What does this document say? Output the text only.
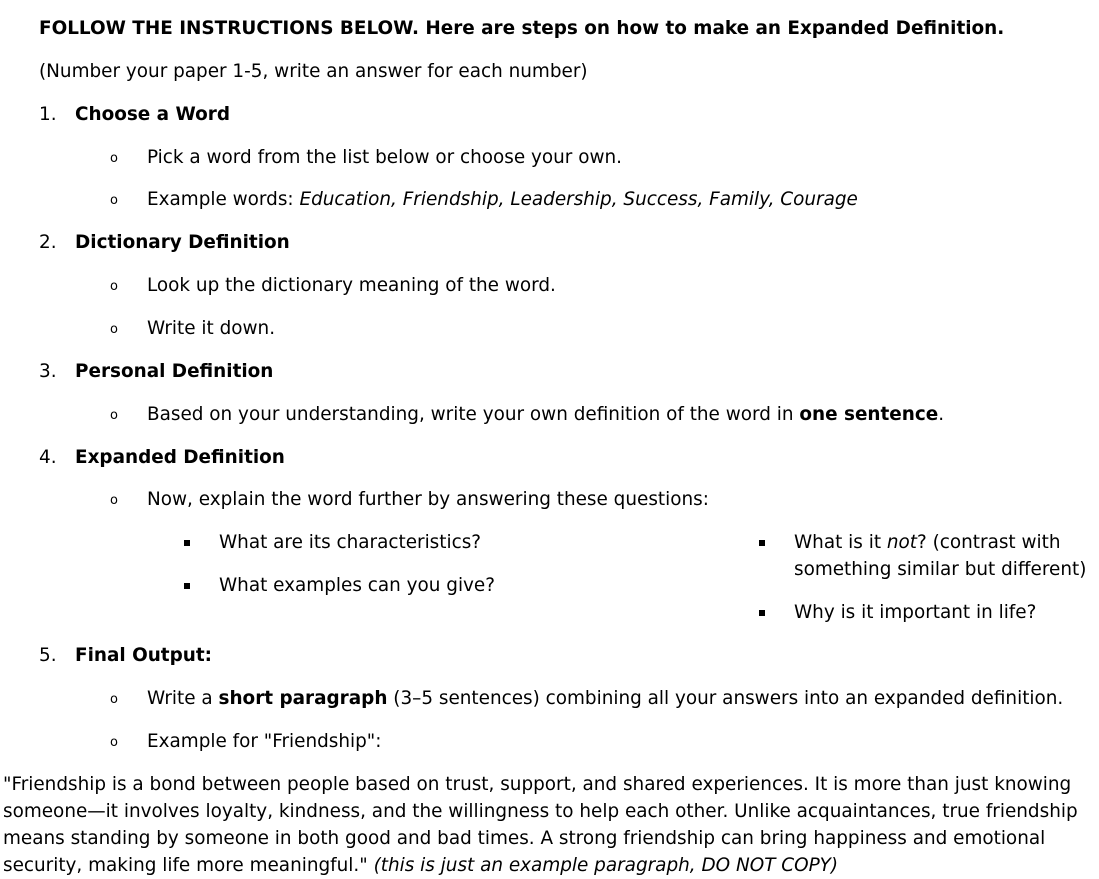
FOLLOW THE INSTRUCTIONS BELOW. Here are steps on how to make an Expanded Definition.
(Number your paper 1-5, write an answer for each number)
1. Choose a Word
o Pick a word from the list below or choose your own.
o Example words: Education, Friendship, Leadership, Success, Family, Courage
2. Dictionary Definition
o Look up the dictionary meaning of the word.
o Write it down.
3. Personal Definition
o Based on your understanding, write your own definition of the word in one sentence.
4. Expanded Definition
o Now, explain the word further by answering these questions:
What are its characteristics?
What examples can you give?
What is it not? (contrast with
something similar but different)
Why is it important in life?
5. Final Output:
o Write a short paragraph (3–5 sentences) combining all your answers into an expanded definition.
o Example for "Friendship":
"Friendship is a bond between people based on trust, support, and shared experiences. It is more than just knowing someone—it involves loyalty, kindness, and the willingness to help each other. Unlike acquaintances, true friendship means standing by someone in both good and bad times. A strong friendship can bring happiness and emotional security, making life more meaningful." (this is just an example paragraph, DO NOT COPY)
